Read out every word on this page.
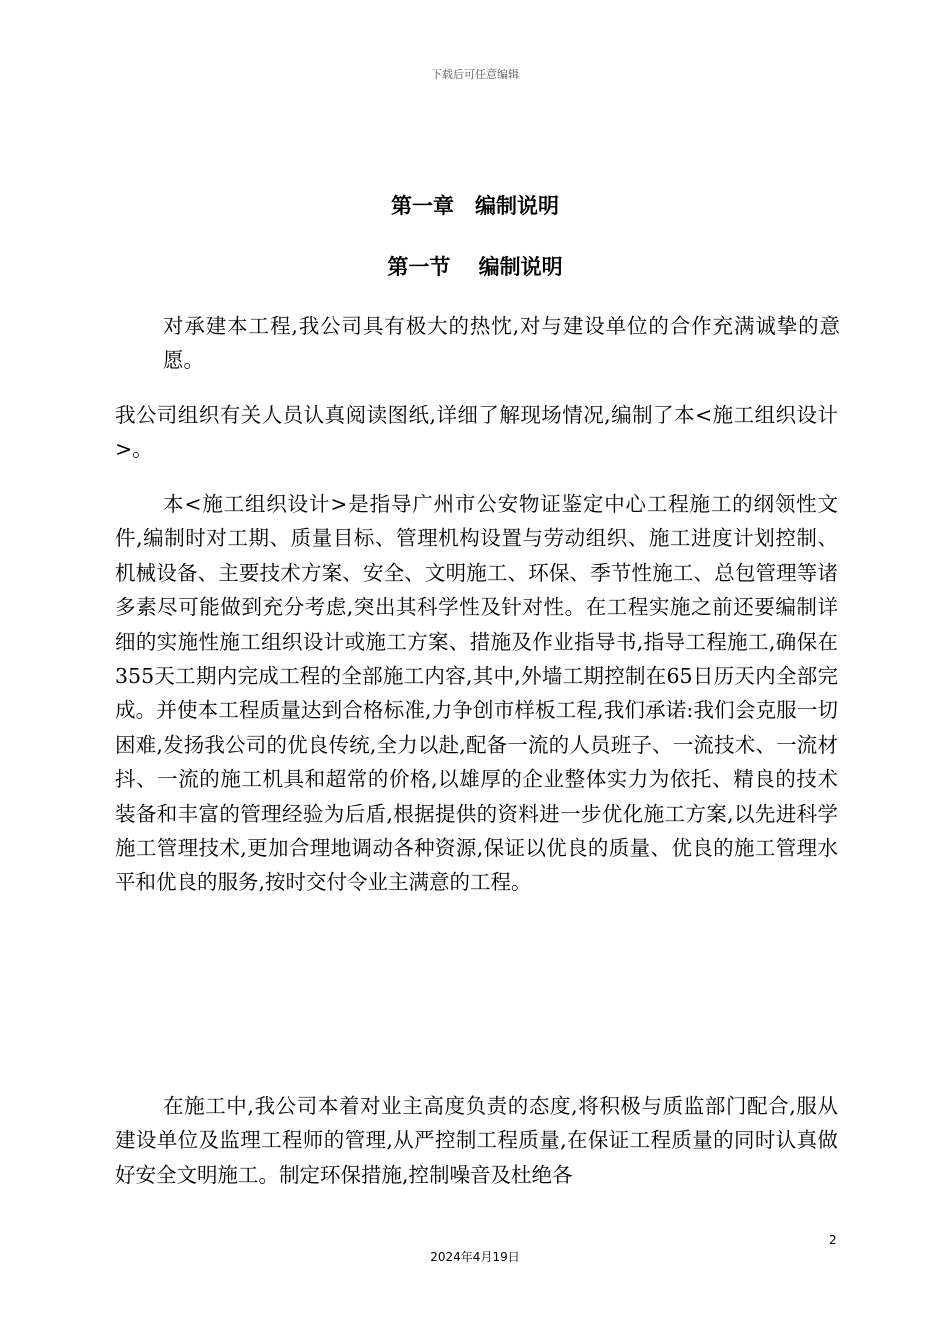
下载后可任意编辑
第一章　编制说明
第一节　 编制说明

对承建本工程,我公司具有极大的热忱,对与建设单位的合作充满诚挚的意愿。

我公司组织有关人员认真阅读图纸,详细了解现场情况,编制了本<施工组织设计>。

本<施工组织设计>是指导广州市公安物证鉴定中心工程施工的纲领性文件,编制时对工期、质量目标、管理机构设置与劳动组织、施工进度计划控制、机械设备、主要技术方案、安全、文明施工、环保、季节性施工、总包管理等诸多素尽可能做到充分考虑,突出其科学性及针对性。在工程实施之前还要编制详细的实施性施工组织设计或施工方案、措施及作业指导书,指导工程施工,确保在355天工期内完成工程的全部施工内容,其中,外墙工期控制在65日历天内全部完成。并使本工程质量达到合格标准,力争创市样板工程,我们承诺:我们会克服一切困难,发扬我公司的优良传统,全力以赴,配备一流的人员班子、一流技术、一流材抖、一流的施工机具和超常的价格,以雄厚的企业整体实力为依托、精良的技术装备和丰富的管理经验为后盾,根据提供的资料进一步优化施工方案,以先进科学施工管理技术,更加合理地调动各种资源,保证以优良的质量、优良的施工管理水平和优良的服务,按时交付令业主满意的工程。

在施工中,我公司本着对业主高度负责的态度,将积极与质监部门配合,服从建设单位及监理工程师的管理,从严控制工程质量,在保证工程质量的同时认真做好安全文明施工。制定环保措施,控制噪音及杜绝各

2
2024年4月19日
